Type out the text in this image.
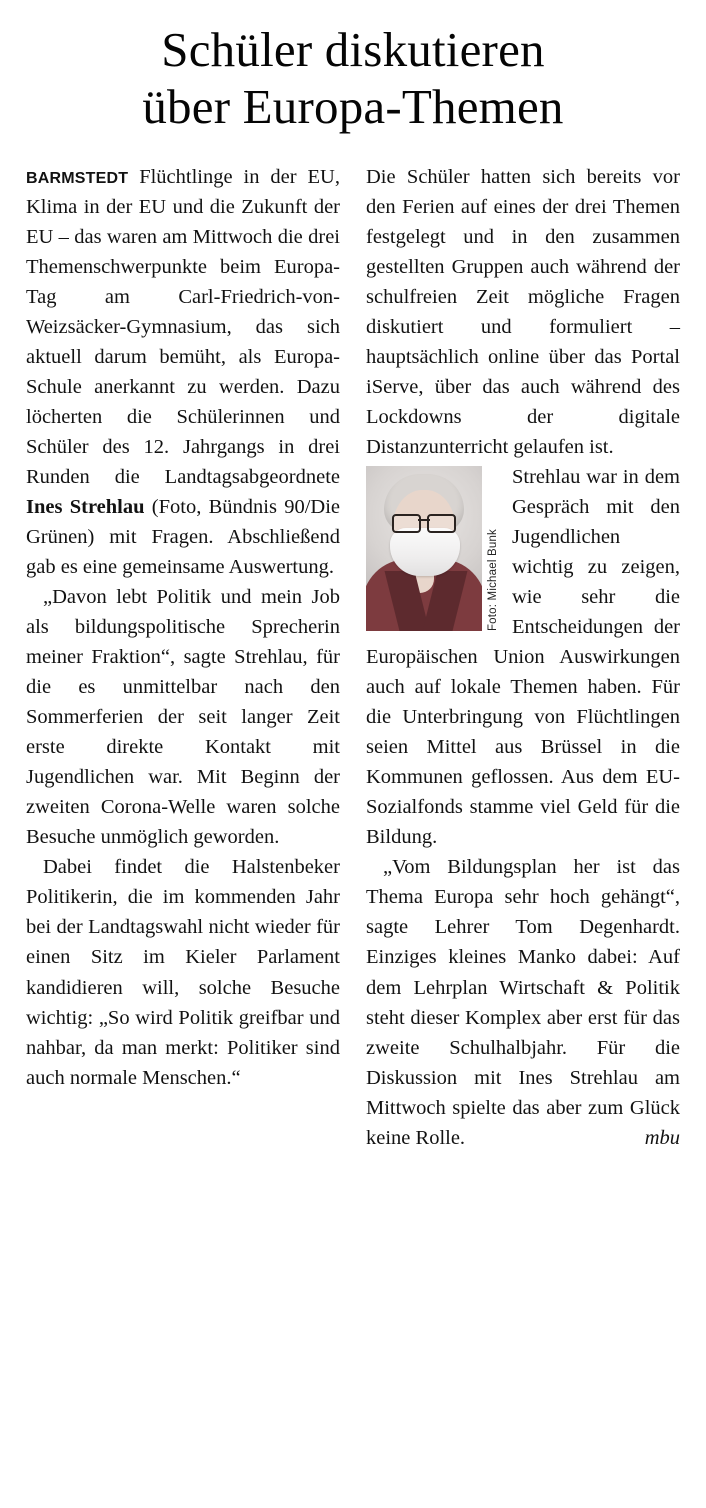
Schüler diskutieren
über Europa-Themen

BARMSTEDT Flüchtlinge in der EU, Klima in der EU und die Zukunft der EU – das waren am Mittwoch die drei Themenschwerpunkte beim Europa-Tag am Carl-Friedrich-von-Weizsäcker-Gymnasium, das sich aktuell darum bemüht, als Europa-Schule anerkannt zu werden. Dazu löcherten die Schülerinnen und Schüler des 12. Jahrgangs in drei Runden die Landtagsabgeordnete Ines Strehlau (Foto, Bündnis 90/Die Grünen) mit Fragen. Abschließend gab es eine gemeinsame Auswertung.

„Davon lebt Politik und mein Job als bildungspolitische Sprecherin meiner Fraktion“, sagte Strehlau, für die es unmittelbar nach den Sommerferien der seit langer Zeit erste direkte Kontakt mit Jugendlichen war. Mit Beginn der zweiten Corona-Welle waren solche Besuche unmöglich geworden.

Dabei findet die Halstenbeker Politikerin, die im kommenden Jahr bei der Landtagswahl nicht wieder für einen Sitz im Kieler Parlament kandidieren will, solche Besuche wichtig: „So wird Politik greifbar und nahbar, da man merkt: Politiker sind auch normale Menschen.“

Die Schüler hatten sich bereits vor den Ferien auf eines der drei Themen festgelegt und in den zusammen gestellten Gruppen auch während der schulfreien Zeit mögliche Fragen diskutiert und formuliert – hauptsächlich online über das Portal iServe, über das auch während des Lockdowns der digitale Distanzunterricht gelaufen ist.

Foto: Michael Bunk

Strehlau war in dem Gespräch mit den Jugendlichen wichtig zu zeigen, wie sehr die Entscheidungen der Europäischen Union Auswirkungen auch auf lokale Themen haben. Für die Unterbringung von Flüchtlingen seien Mittel aus Brüssel in die Kommunen geflossen. Aus dem EU-Sozialfonds stamme viel Geld für die Bildung.

„Vom Bildungsplan her ist das Thema Europa sehr hoch gehängt“, sagte Lehrer Tom Degenhardt. Einziges kleines Manko dabei: Auf dem Lehrplan Wirtschaft & Politik steht dieser Komplex aber erst für das zweite Schulhalbjahr. Für die Diskussion mit Ines Strehlau am Mittwoch spielte das aber zum Glück keine Rolle.	mbu
